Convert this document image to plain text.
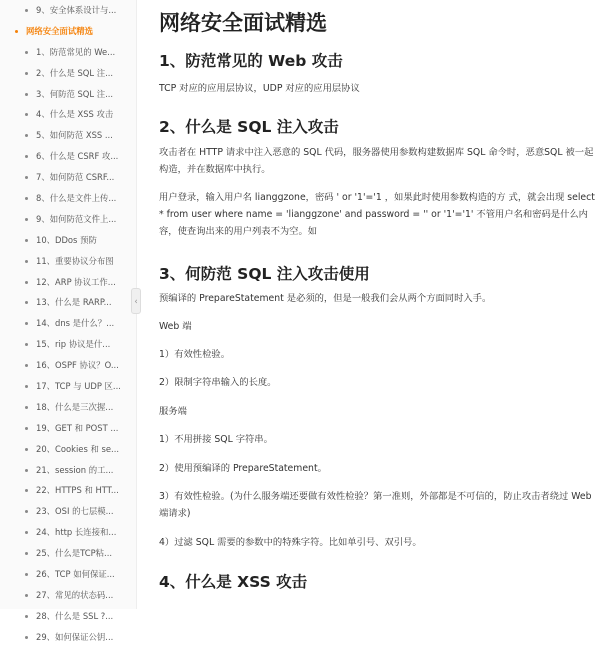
9、安全体系设计与...
网络安全面试精选
1、防范常见的 We...
2、什么是 SQL 注...
3、何防范 SQL 注...
4、什么是 XSS 攻击
5、如何防范 XSS ...
6、什么是 CSRF 攻...
7、如何防范 CSRF...
8、什么是文件上传...
9、如何防范文件上...
10、DDos 预防
11、重要协议分布图
12、ARP 协议工作...
13、什么是 RARP...
14、dns 是什么？...
15、rip 协议是什...
16、OSPF 协议？O...
17、TCP 与 UDP 区...
18、什么是三次握...
19、GET 和 POST ...
20、Cookies 和 se...
21、session 的工...
22、HTTPS 和 HTT...
23、OSI 的七层模...
24、http 长连接和...
25、什么是TCP粘...
26、TCP 如何保证...
27、常见的状态码...
28、什么是 SSL ?...
29、如何保证公钥...
‹
网络安全面试精选
1、防范常见的 Web 攻击

TCP 对应的应用层协议，UDP 对应的应用层协议

2、什么是 SQL 注入攻击

攻击者在 HTTP 请求中注入恶意的 SQL 代码，服务器使用参数构建数据库 SQL 命令时，恶意SQL 被一起构造，并在数据库中执行。

用户登录，输入用户名 lianggzone，密码 ' or '1'='1 ，如果此时使用参数构造的方 式，就会出现 select * from user where name = 'lianggzone' and password = '' or '1'='1' 不管用户名和密码是什么内容，使查询出来的用户列表不为空。如

3、何防范 SQL 注入攻击使用

预编译的 PrepareStatement 是必须的，但是一般我们会从两个方面同时入手。

Web 端

1）有效性检验。

2）限制字符串输入的长度。

服务端

1）不用拼接 SQL 字符串。

2）使用预编译的 PrepareStatement。

3）有效性检验。(为什么服务端还要做有效性检验？第一准则，外部都是不可信的，防止攻击者绕过 Web 端请求)

4）过滤 SQL 需要的参数中的特殊字符。比如单引号、双引号。

4、什么是 XSS 攻击
